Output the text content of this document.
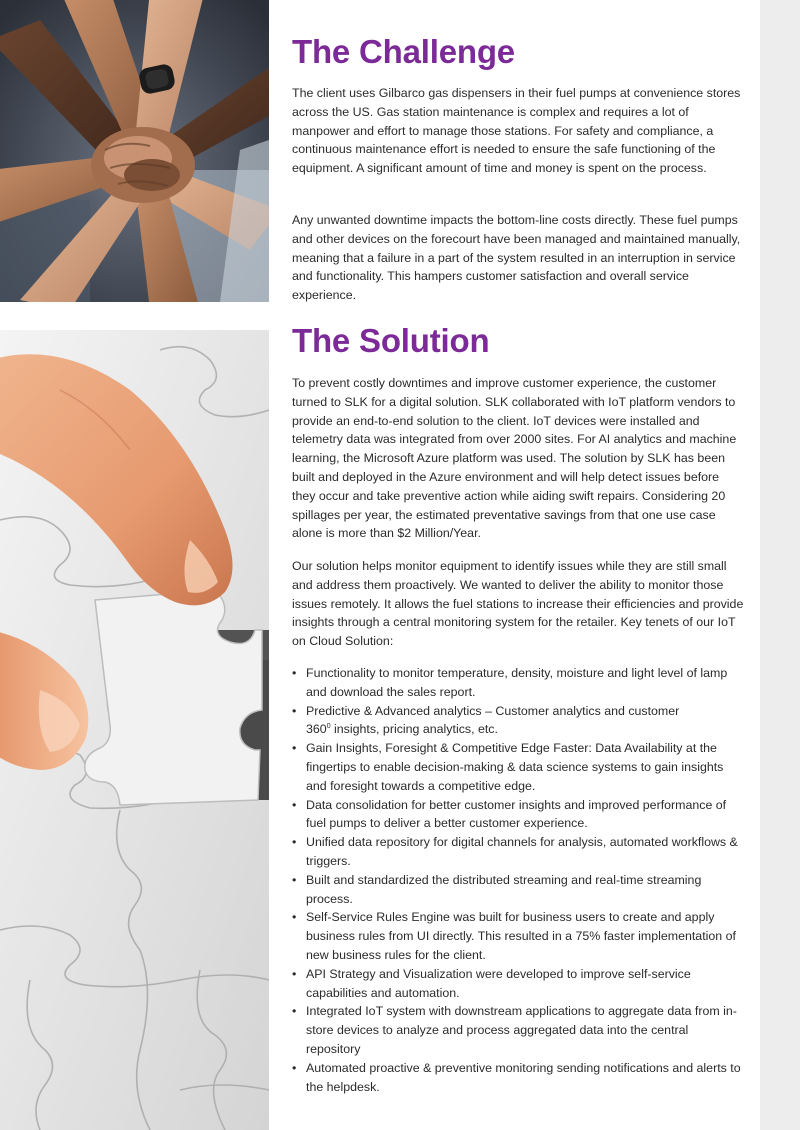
The Challenge

The client uses Gilbarco gas dispensers in their fuel pumps at convenience stores across the US. Gas station maintenance is complex and requires a lot of manpower and effort to manage those stations. For safety and compliance, a continuous maintenance effort is needed to ensure the safe functioning of the equipment. A significant amount of time and money is spent on the process.

Any unwanted downtime impacts the bottom-line costs directly. These fuel pumps and other devices on the forecourt have been managed and maintained manually, meaning that a failure in a part of the system resulted in an interruption in service and functionality. This hampers customer satisfaction and overall service experience.

The Solution

To prevent costly downtimes and improve customer experience, the customer turned to SLK for a digital solution. SLK collaborated with IoT platform vendors to provide an end-to-end solution to the client. IoT devices were installed and telemetry data was integrated from over 2000 sites. For AI analytics and machine learning, the Microsoft Azure platform was used. The solution by SLK has been built and deployed in the Azure environment and will help detect issues before they occur and take preventive action while aiding swift repairs. Considering 20 spillages per year, the estimated preventative savings from that one use case alone is more than $2 Million/Year.

Our solution helps monitor equipment to identify issues while they are still small and address them proactively. We wanted to deliver the ability to monitor those issues remotely. It allows the fuel stations to increase their efficiencies and provide insights through a central monitoring system for the retailer. Key tenets of our IoT on Cloud Solution:

• Functionality to monitor temperature, density, moisture and light level of lamp and download the sales report.
• Predictive & Advanced analytics – Customer analytics and customer
$360^0$ insights, pricing analytics, etc.
• Gain Insights, Foresight & Competitive Edge Faster: Data Availability at the fingertips to enable decision-making & data science systems to gain insights and foresight towards a competitive edge.
• Data consolidation for better customer insights and improved performance of fuel pumps to deliver a better customer experience.
• Unified data repository for digital channels for analysis, automated workflows & triggers.
• Built and standardized the distributed streaming and real-time streaming process.
• Self-Service Rules Engine was built for business users to create and apply business rules from UI directly. This resulted in a 75% faster implementation of new business rules for the client.
• API Strategy and Visualization were developed to improve self-service capabilities and automation.
• Integrated IoT system with downstream applications to aggregate data from in-store devices to analyze and process aggregated data into the central repository
• Automated proactive & preventive monitoring sending notifications and alerts to the helpdesk.
